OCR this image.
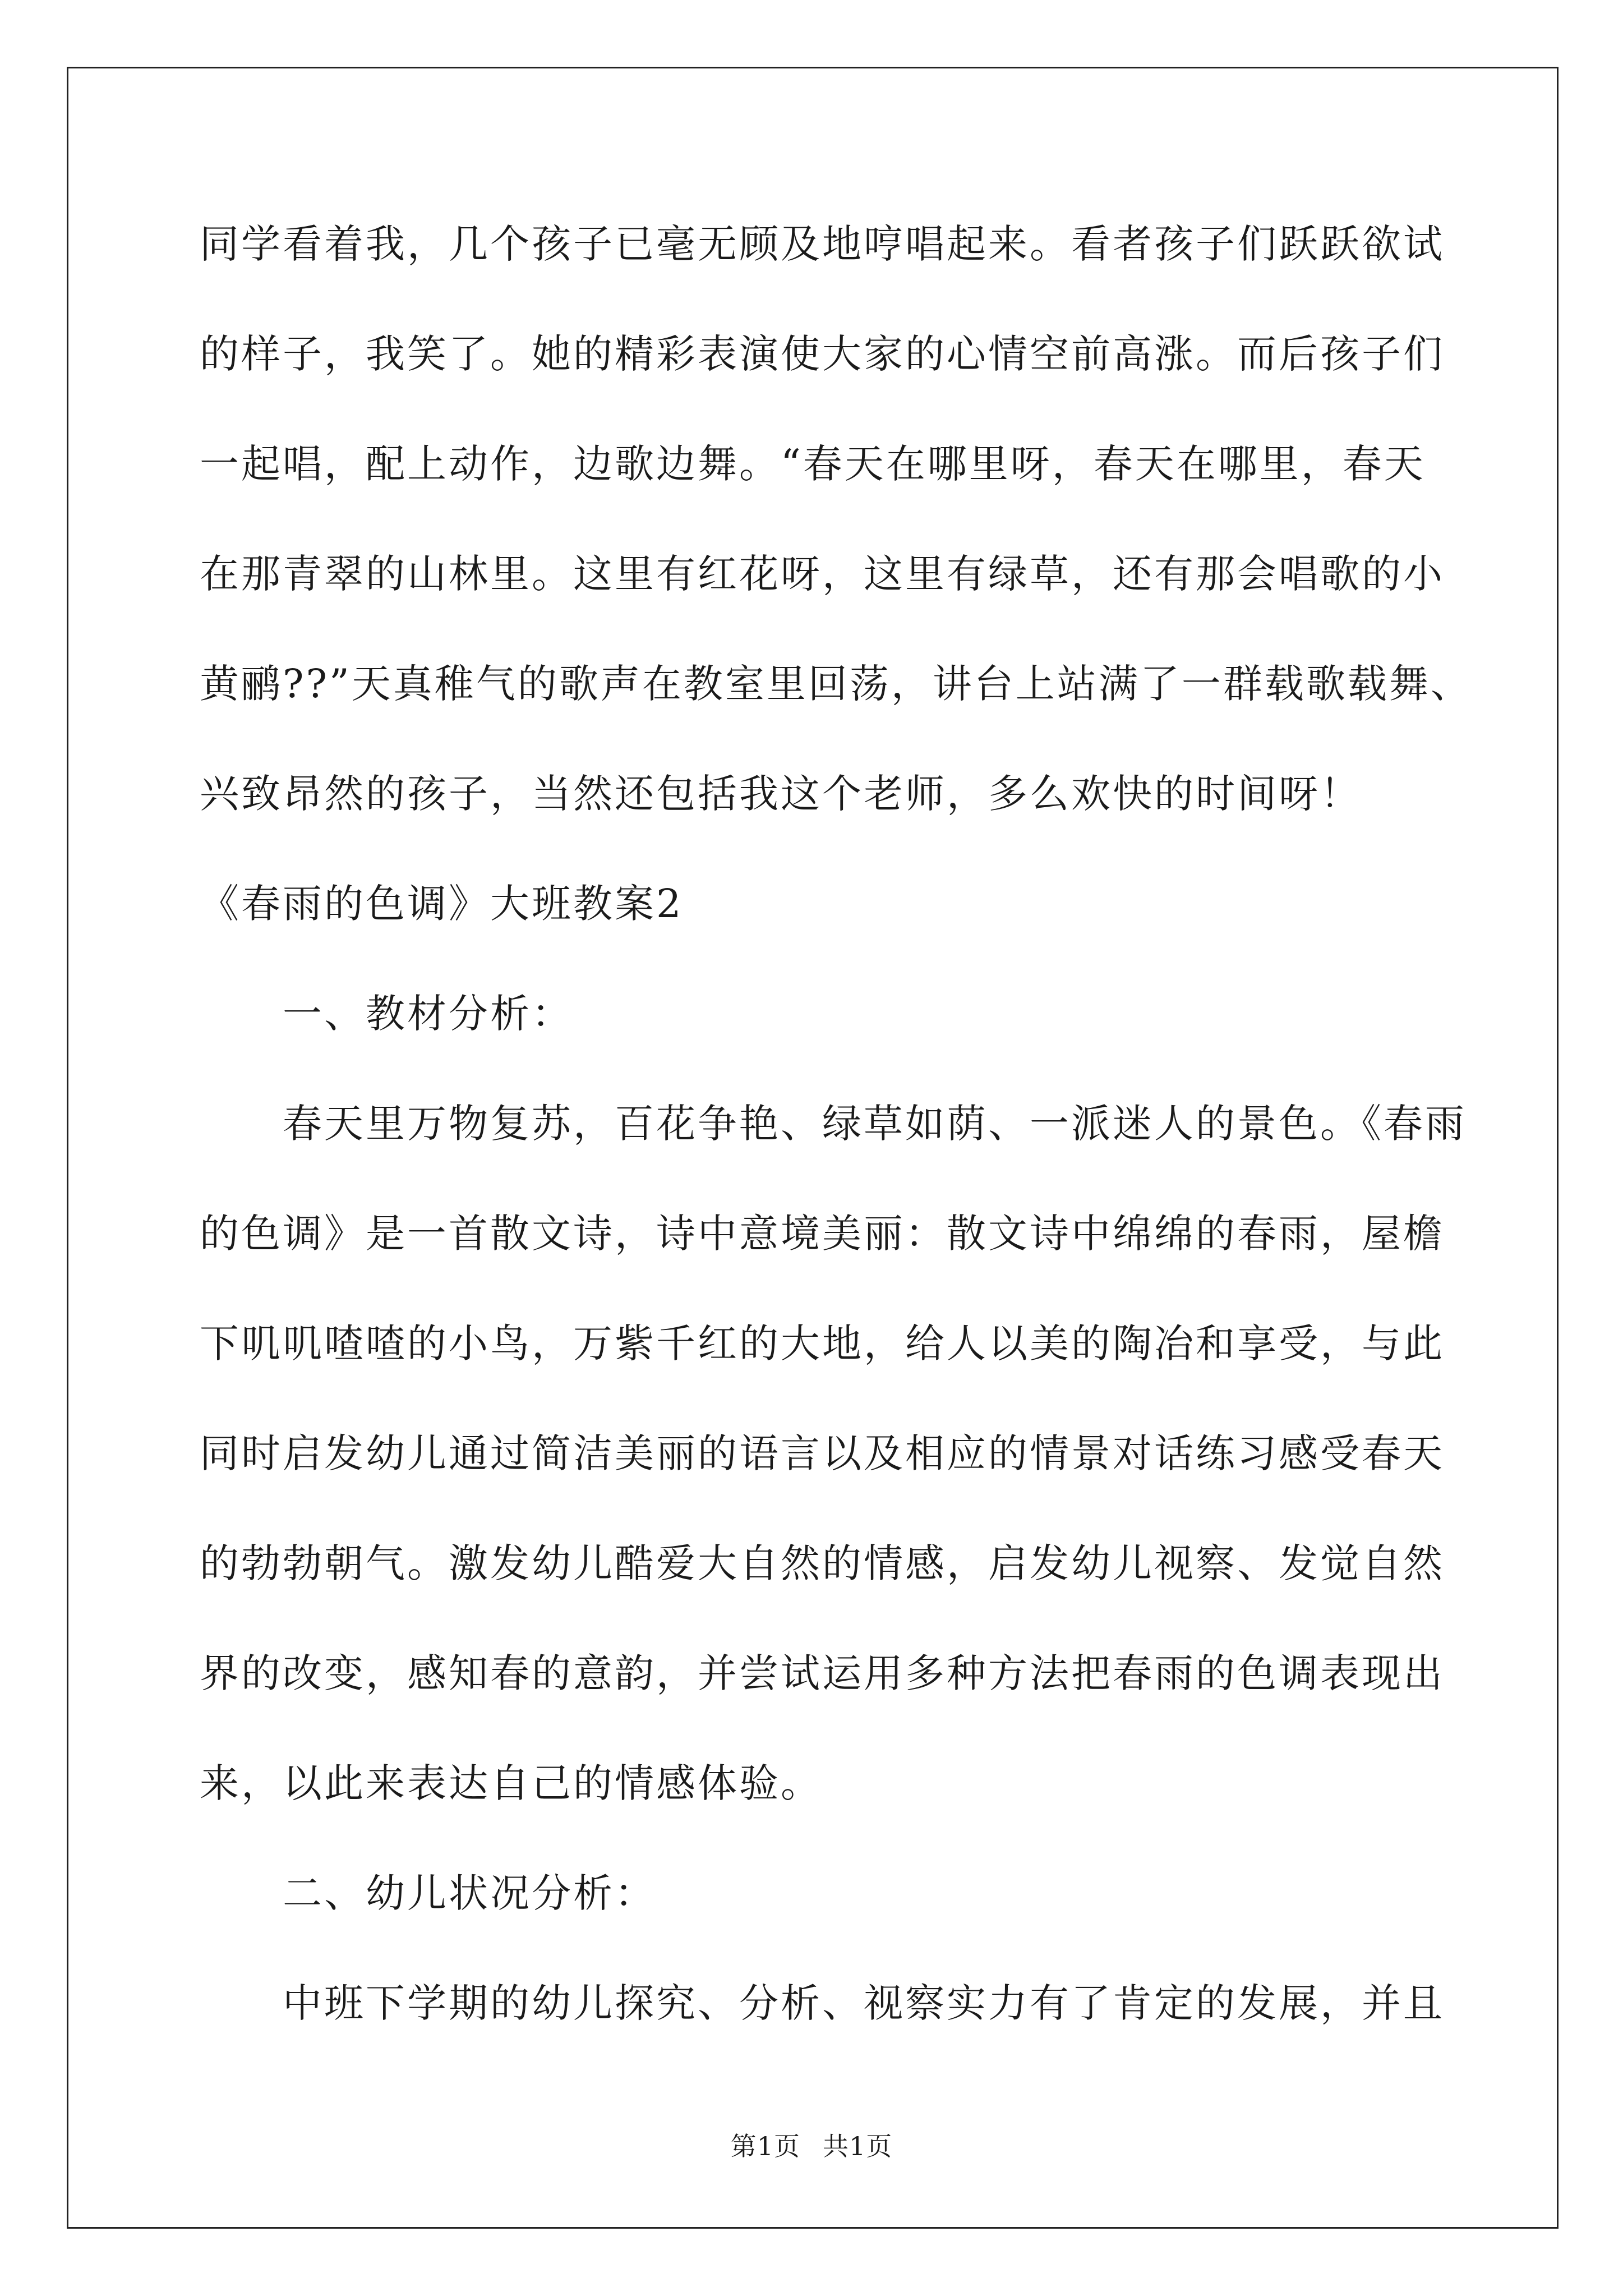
同学看着我，几个孩子已毫无顾及地哼唱起来。看者孩子们跃跃欲试
的样子，我笑了。她的精彩表演使大家的心情空前高涨。而后孩子们
一起唱，配上动作，边歌边舞。“春天在哪里呀，春天在哪里，春天
在那青翠的山林里。这里有红花呀，这里有绿草，还有那会唱歌的小
黄鹂??”天真稚气的歌声在教室里回荡，讲台上站满了一群载歌载舞、
兴致昂然的孩子，当然还包括我这个老师，多么欢快的时间呀！
《春雨的色调》大班教案2
一、教材分析：
春天里万物复苏，百花争艳、绿草如荫、一派迷人的景色。《春雨
的色调》是一首散文诗，诗中意境美丽：散文诗中绵绵的春雨，屋檐
下叽叽喳喳的小鸟，万紫千红的大地，给人以美的陶冶和享受，与此
同时启发幼儿通过简洁美丽的语言以及相应的情景对话练习感受春天
的勃勃朝气。激发幼儿酷爱大自然的情感，启发幼儿视察、发觉自然
界的改变，感知春的意韵，并尝试运用多种方法把春雨的色调表现出
来，以此来表达自己的情感体验。
二、幼儿状况分析：
中班下学期的幼儿探究、分析、视察实力有了肯定的发展，并且
第1页 共1页
